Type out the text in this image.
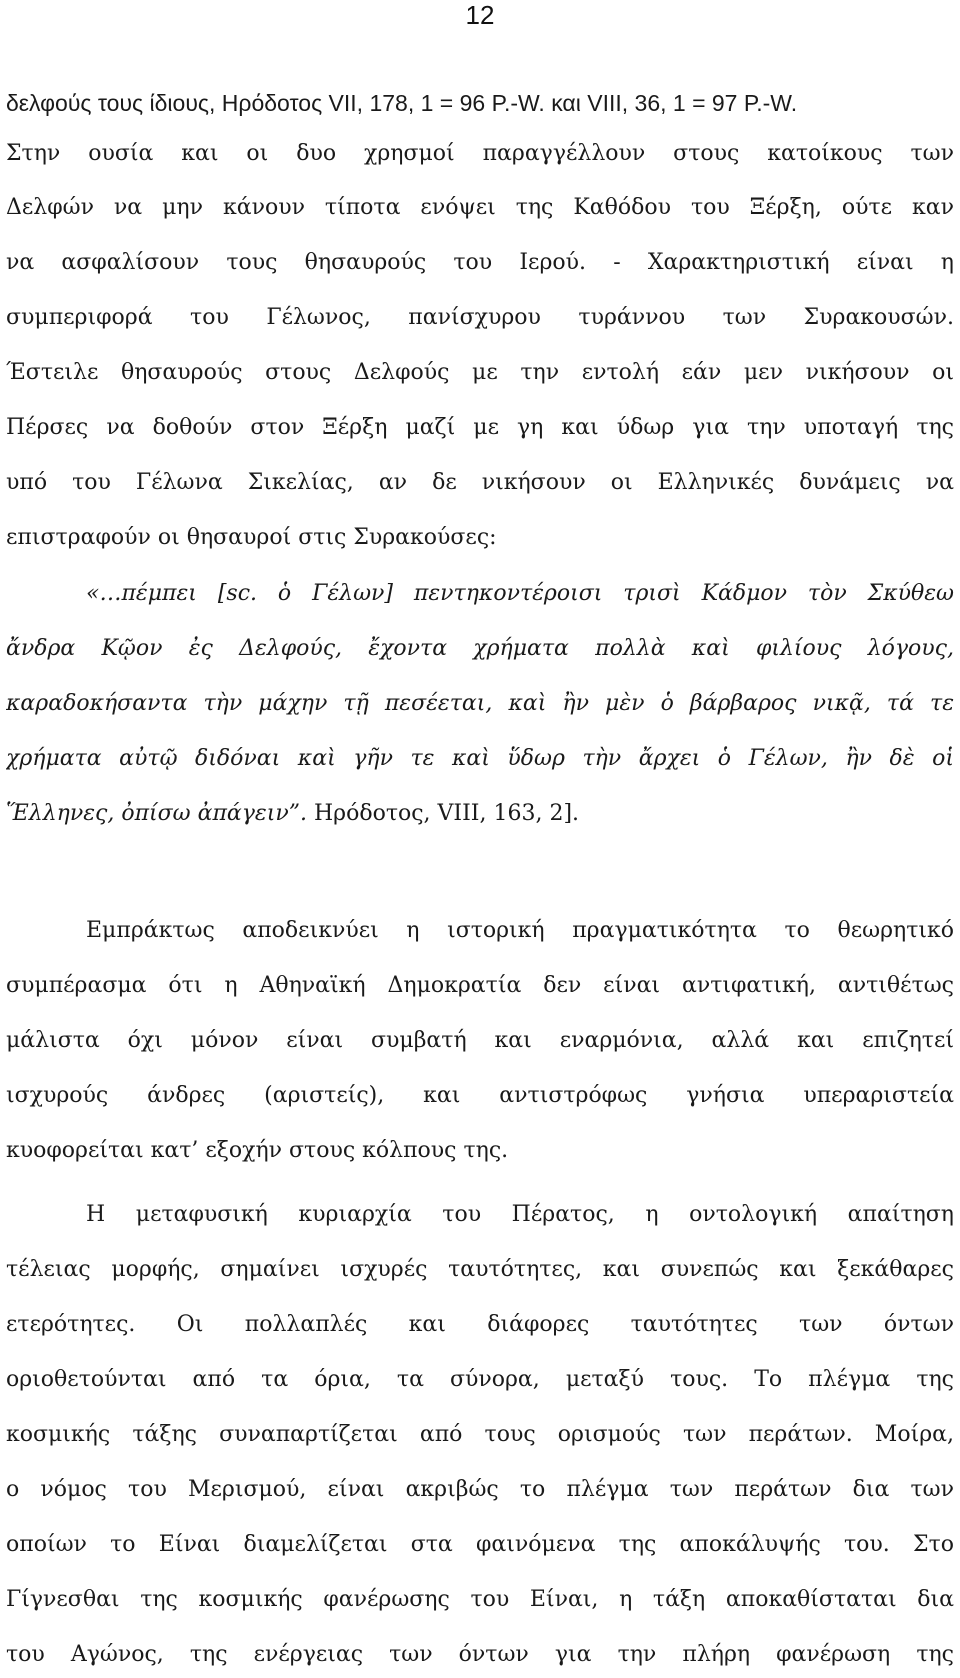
12
δελφούς τους ίδιους, Ηρόδοτος VII, 178, 1 = 96 P.-W. και VIII, 36, 1 = 97 P.-W.
Στην ουσία και οι δυο χρησμοί παραγγέλλουν στους κατοίκους των
Δελφών να μην κάνουν τίποτα ενόψει της Καθόδου του Ξέρξη, ούτε καν
να ασφαλίσουν τους θησαυρούς του Ιερού. - Χαρακτηριστική είναι η
συμπεριφορά του Γέλωνος, πανίσχυρου τυράννου των Συρακουσών.
Έστειλε θησαυρούς στους Δελφούς με την εντολή εάν μεν νικήσουν οι
Πέρσες να δοθούν στον Ξέρξη μαζί με γη και ύδωρ για την υποταγή της
υπό του Γέλωνα Σικελίας, αν δε νικήσουν οι Ελληνικές δυνάμεις να
επιστραφούν οι θησαυροί στις Συρακούσες:
«…πέμπει [sc. ὁ Γέλων] πεντηκοντέροισι τρισὶ Κάδμον τὸν Σκύθεω
ἄνδρα Κῷον ἐς Δελφούς, ἔχοντα χρήματα πολλὰ καὶ φιλίους λόγους,
καραδοκήσαντα τὴν μάχην τῇ πεσέεται, καὶ ἢν μὲν ὁ βάρβαρος νικᾷ, τά τε
χρήματα αὐτῷ διδόναι καὶ γῆν τε καὶ ὕδωρ τὴν ἄρχει ὁ Γέλων, ἢν δὲ οἱ
Ἕλληνες, ὀπίσω ἀπάγειν”. Ηρόδοτος, VIII, 163, 2].
Εμπράκτως αποδεικνύει η ιστορική πραγματικότητα το θεωρητικό
συμπέρασμα ότι η Αθηναϊκή Δημοκρατία δεν είναι αντιφατική, αντιθέτως
μάλιστα όχι μόνον είναι συμβατή και εναρμόνια, αλλά και επιζητεί
ισχυρούς άνδρες (αριστείς), και αντιστρόφως γνήσια υπεραριστεία
κυοφορείται κατ’ εξοχήν στους κόλπους της.
Η μεταφυσική κυριαρχία του Πέρατος, η οντολογική απαίτηση
τέλειας μορφής, σημαίνει ισχυρές ταυτότητες, και συνεπώς και ξεκάθαρες
ετερότητες. Οι πολλαπλές και διάφορες ταυτότητες των όντων
οριοθετούνται από τα όρια, τα σύνορα, μεταξύ τους. Το πλέγμα της
κοσμικής τάξης συναπαρτίζεται από τους ορισμούς των περάτων. Μοίρα,
ο νόμος του Μερισμού, είναι ακριβώς το πλέγμα των περάτων δια των
οποίων το Είναι διαμελίζεται στα φαινόμενα της αποκάλυψής του. Στο
Γίγνεσθαι της κοσμικής φανέρωσης του Είναι, η τάξη αποκαθίσταται δια
του Αγώνος, της ενέργειας των όντων για την πλήρη φανέρωση της
